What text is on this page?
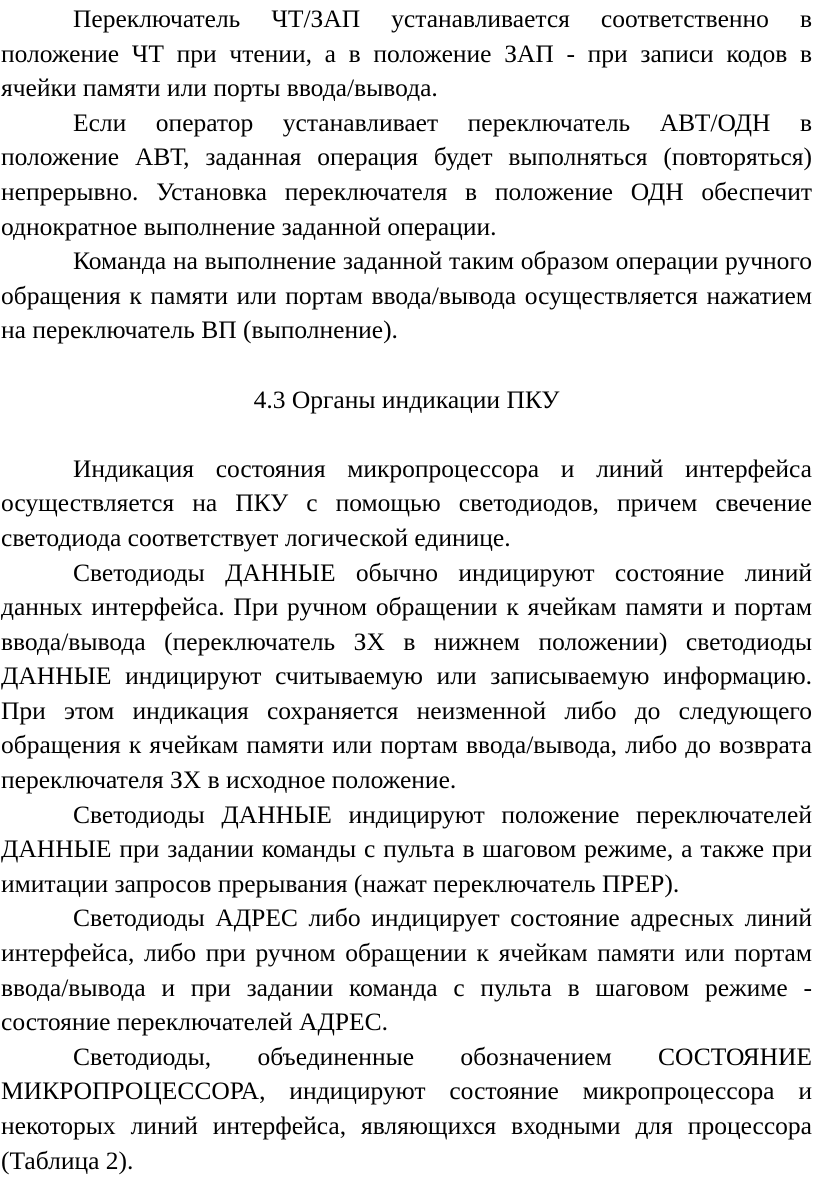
Переключатель ЧТ/ЗАП устанавливается соответственно в положение ЧТ при чтении, а в положение ЗАП - при записи кодов в ячейки памяти или порты ввода/вывода.

Если оператор устанавливает переключатель АВТ/ОДН в положение АВТ, заданная операция будет выполняться (повторяться) непрерывно. Установка переключателя в положение ОДН обеспечит однократное выполнение заданной операции.

Команда на выполнение заданной таким образом операции ручного обращения к памяти или портам ввода/вывода осуществляется нажатием на переключатель ВП (выполнение).

4.3 Органы индикации ПКУ

Индикация состояния микропроцессора и линий интерфейса осуществляется на ПКУ с помощью светодиодов, причем свечение светодиода соответствует логической единице.

Светодиоды ДАННЫЕ обычно индицируют состояние линий данных интерфейса. При ручном обращении к ячейкам памяти и портам ввода/вывода (переключатель ЗХ в нижнем положении) светодиоды ДАННЫЕ индицируют считываемую или записываемую информацию. При этом индикация сохраняется неизменной либо до следующего обращения к ячейкам памяти или портам ввода/вывода, либо до возврата переключателя ЗХ в исходное положение.

Светодиоды ДАННЫЕ индицируют положение переключателей ДАННЫЕ при задании команды с пульта в шаговом режиме, а также при имитации запросов прерывания (нажат переключатель ПРЕР).

Светодиоды АДРЕС либо индицирует состояние адресных линий интерфейса, либо при ручном обращении к ячейкам памяти или портам ввода/вывода и при задании команда с пульта в шаговом режиме - состояние переключателей АДРЕС.

Светодиоды, объединенные обозначением СОСТОЯНИЕ МИКРОПРОЦЕССОРА, индицируют состояние микропроцессора и некоторых линий интерфейса, являющихся входными для процессора (Таблица 2).
